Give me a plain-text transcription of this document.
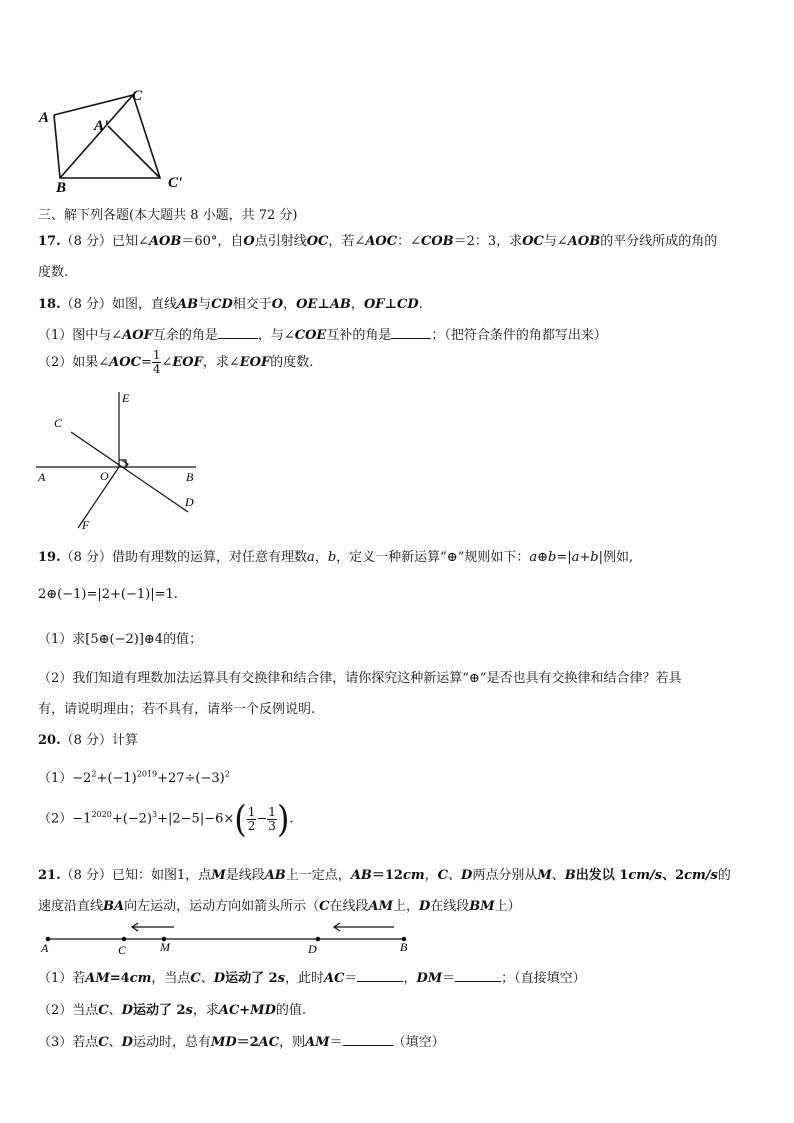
A	A'
C
B	C'
三、解下列各题(本大题共 8 小题，共 72 分)
17.（8 分）已知∠AOB＝60°，自O点引射线OC，若∠AOC：∠COB＝2：3，求OC与∠AOB的平分线所成的角的
度数.
18.（8 分）如图，直线AB与CD相交于O，OE⊥AB，OF⊥CD.
（1）图中与∠AOF互余的角是	，与∠COE互补的角是	；（把符合条件的角都写出来）
（2）如果∠AOC= $\frac{1}{4}$ ∠EOF，求∠EOF的度数.
E
C
A	O	B
D
F
19.（8 分）借助有理数的运算，对任意有理数a，b，定义一种新运算“⊕”规则如下：a⊕b=|a+b|例如,
2⊕(−1)=|2+(−1)|=1.
（1）求[5⊕(−2)]⊕4的值；
（2）我们知道有理数加法运算具有交换律和结合律，请你探究这种新运算“⊕”是否也具有交换律和结合律？若具
有，请说明理由；若不具有，请举一个反例说明.
20.（8 分）计算
$(1)-2^2+(-1)^{2019}+27\div(-3)^2$
$(2)-1^{2020}+(-2)^3+|2-5|-6\times( \frac{1}{2} - \frac{1}{3}$ ).
21.（8 分）已知：如图1，点M是线段AB上一定点，AB＝12cm，C、D两点分别从M、B出发以 1cm/s、2cm/s的
速度沿直线BA向左运动，运动方向如箭头所示（C在线段AM上，D在线段BM上）
A	C	M	D	B
（1）若AM=4cm，当点C、D运动了 2s，此时AC＝	，DM＝	；（直接填空）
（2）当点C、D运动了 2s，求AC+MD的值.
（3）若点C、D运动时，总有MD＝2AC，则AM＝	（填空）
